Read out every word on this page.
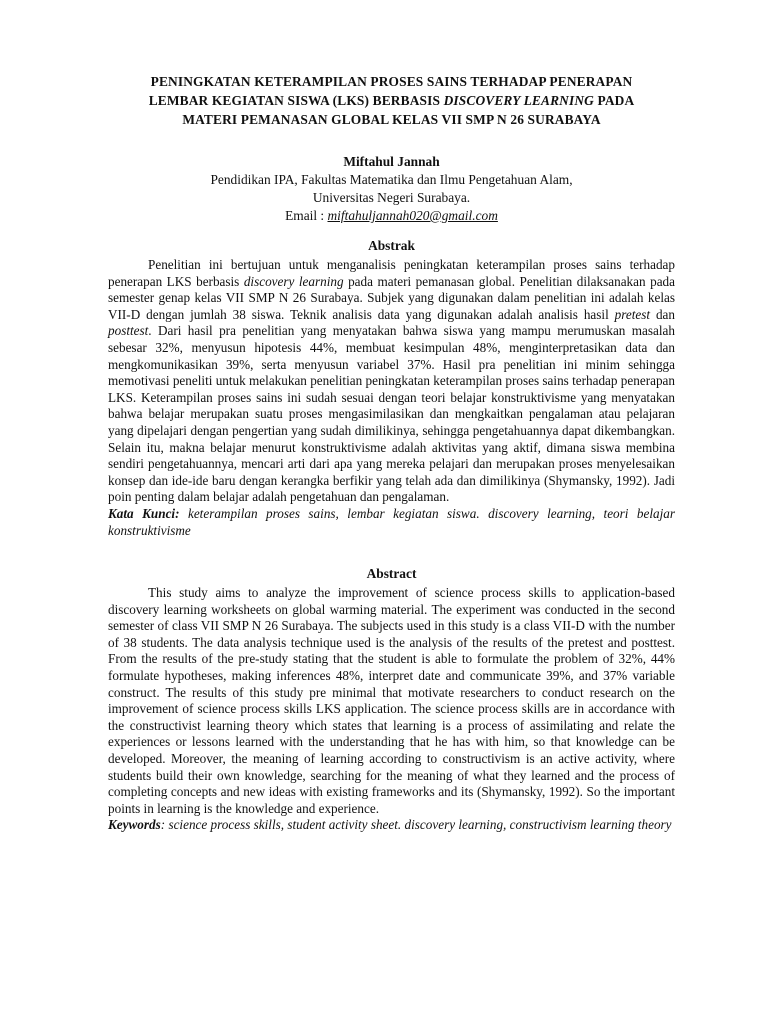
PENINGKATAN KETERAMPILAN PROSES SAINS TERHADAP PENERAPAN
LEMBAR KEGIATAN SISWA (LKS) BERBASIS DISCOVERY LEARNING PADA
MATERI PEMANASAN GLOBAL KELAS VII SMP N 26 SURABAYA
Miftahul Jannah
Pendidikan IPA, Fakultas Matematika dan Ilmu Pengetahuan Alam,
Universitas Negeri Surabaya.
Email : miftahuljannah020@gmail.com
Abstrak

Penelitian ini bertujuan untuk menganalisis peningkatan keterampilan proses sains terhadap penerapan LKS berbasis discovery learning pada materi pemanasan global. Penelitian dilaksanakan pada semester genap kelas VII SMP N 26 Surabaya. Subjek yang digunakan dalam penelitian ini adalah kelas VII-D dengan jumlah 38 siswa. Teknik analisis data yang digunakan adalah analisis hasil pretest dan posttest. Dari hasil pra penelitian yang menyatakan bahwa siswa yang mampu merumuskan masalah sebesar 32%, menyusun hipotesis 44%, membuat kesimpulan 48%, menginterpretasikan data dan mengkomunikasikan 39%, serta menyusun variabel 37%. Hasil pra penelitian ini minim sehingga memotivasi peneliti untuk melakukan penelitian peningkatan keterampilan proses sains terhadap penerapan LKS. Keterampilan proses sains ini sudah sesuai dengan teori belajar konstruktivisme yang menyatakan bahwa belajar merupakan suatu proses mengasimilasikan dan mengkaitkan pengalaman atau pelajaran yang dipelajari dengan pengertian yang sudah dimilikinya, sehingga pengetahuannya dapat dikembangkan. Selain itu, makna belajar menurut konstruktivisme adalah aktivitas yang aktif, dimana siswa membina sendiri pengetahuannya, mencari arti dari apa yang mereka pelajari dan merupakan proses menyelesaikan konsep dan ide-ide baru dengan kerangka berfikir yang telah ada dan dimilikinya (Shymansky, 1992). Jadi poin penting dalam belajar adalah pengetahuan dan pengalaman.

Kata Kunci: keterampilan proses sains, lembar kegiatan siswa. discovery learning, teori belajar konstruktivisme

Abstract

This study aims to analyze the improvement of science process skills to application-based discovery learning worksheets on global warming material. The experiment was conducted in the second semester of class VII SMP N 26 Surabaya. The subjects used in this study is a class VII-D with the number of 38 students. The data analysis technique used is the analysis of the results of the pretest and posttest. From the results of the pre-study stating that the student is able to formulate the problem of 32%, 44% formulate hypotheses, making inferences 48%, interpret date and communicate 39%, and 37% variable construct. The results of this study pre minimal that motivate researchers to conduct research on the improvement of science process skills LKS application. The science process skills are in accordance with the constructivist learning theory which states that learning is a process of assimilating and relate the experiences or lessons learned with the understanding that he has with him, so that knowledge can be developed. Moreover, the meaning of learning according to constructivism is an active activity, where students build their own knowledge, searching for the meaning of what they learned and the process of completing concepts and new ideas with existing frameworks and its (Shymansky, 1992). So the important points in learning is the knowledge and experience.

Keywords: science process skills, student activity sheet. discovery learning, constructivism learning theory
